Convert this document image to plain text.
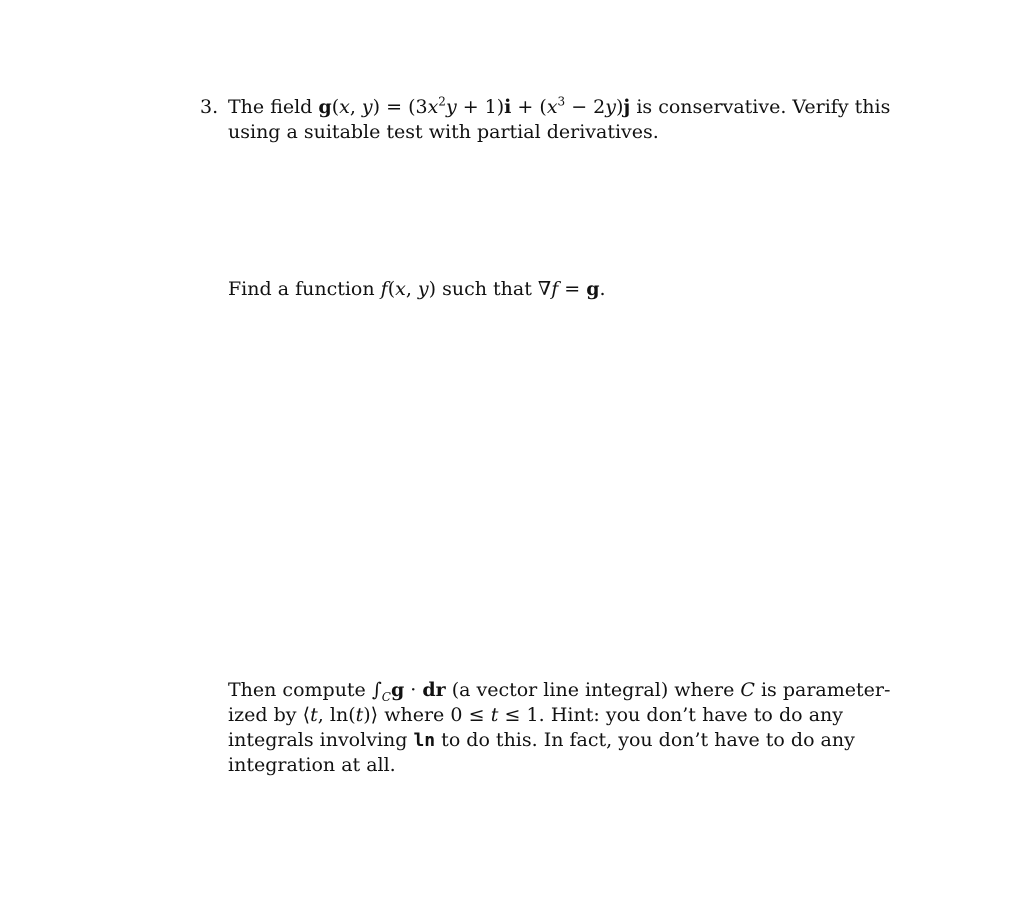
3. The field g(x, $y) = (3x^2y + 1)i + (x^3 - 2y)j$ is conservative. Verify this
using a suitable test with partial derivatives.
Find a function f(x, y) such that ∇f = g.
Then compute $\int_Cg$ · dr (a vector line integral) where C is parameter-
ized by ⟨t, ln(t)⟩ where 0 ≤ t ≤ 1. Hint: you don’t have to do any
integrals involving ln to do this. In fact, you don’t have to do any
integration at all.
